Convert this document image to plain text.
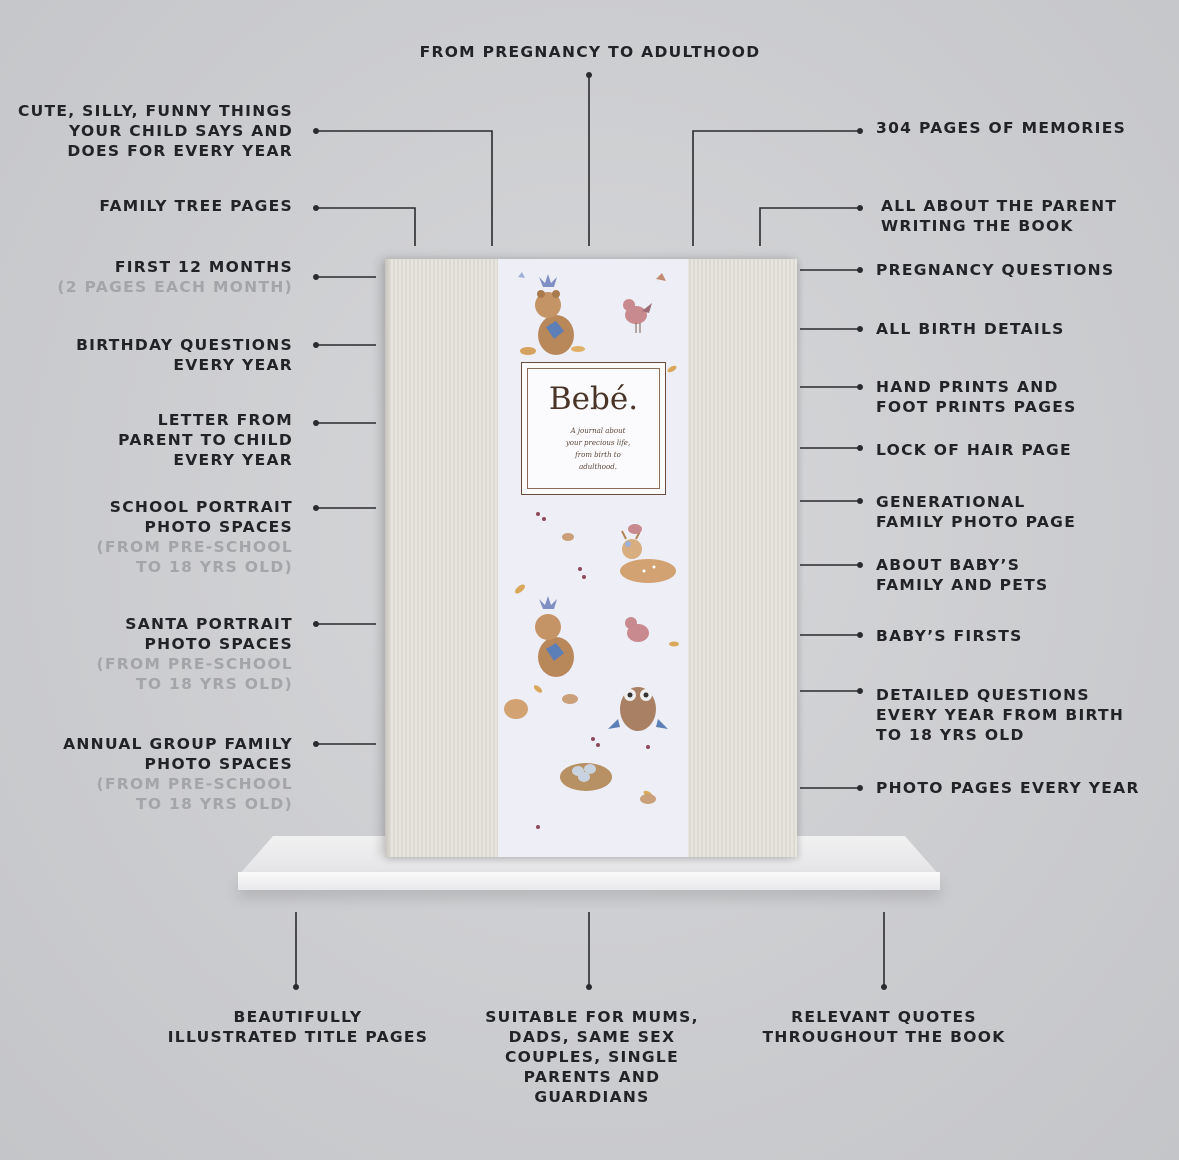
Bebé.
A journal about
your precious life,
from birth to
adulthood.
FROM PREGNANCY TO ADULTHOOD
CUTE, SILLY, FUNNY THINGS
YOUR CHILD SAYS AND
DOES FOR EVERY YEAR
FAMILY TREE PAGES
FIRST 12 MONTHS
(2 PAGES EACH MONTH)
BIRTHDAY QUESTIONS
EVERY YEAR
LETTER FROM
PARENT TO CHILD
EVERY YEAR
SCHOOL PORTRAIT
PHOTO SPACES
(FROM PRE-SCHOOL
TO 18 YRS OLD)
SANTA PORTRAIT
PHOTO SPACES
(FROM PRE-SCHOOL
TO 18 YRS OLD)
ANNUAL GROUP FAMILY
PHOTO SPACES
(FROM PRE-SCHOOL
TO 18 YRS OLD)
304 PAGES OF MEMORIES
ALL ABOUT THE PARENT
WRITING THE BOOK
PREGNANCY QUESTIONS
ALL BIRTH DETAILS
HAND PRINTS AND
FOOT PRINTS PAGES
LOCK OF HAIR PAGE
GENERATIONAL
FAMILY PHOTO PAGE
ABOUT BABY’S
FAMILY AND PETS
BABY’S FIRSTS
DETAILED QUESTIONS
EVERY YEAR FROM BIRTH
TO 18 YRS OLD
PHOTO PAGES EVERY YEAR
BEAUTIFULLY
ILLUSTRATED TITLE PAGES
SUITABLE FOR MUMS,
DADS, SAME SEX
COUPLES, SINGLE
PARENTS AND
GUARDIANS
RELEVANT QUOTES
THROUGHOUT THE BOOK
